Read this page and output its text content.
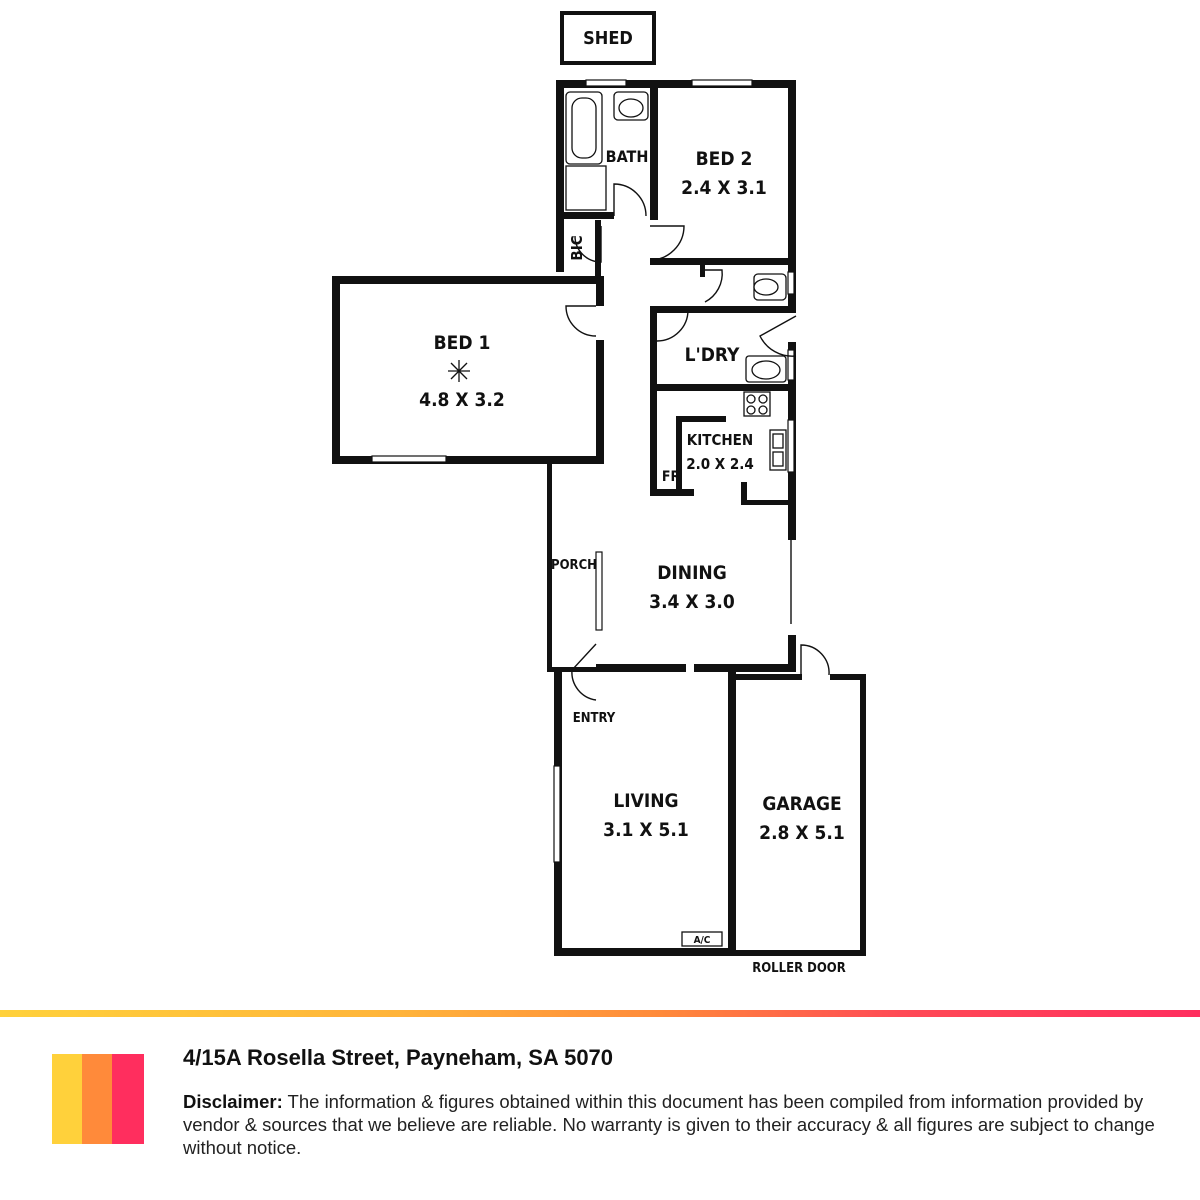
SHED
BATH BED 2
2.4 X 3.1
BIC
BED 1
4.8 X 3.2
L'DRY
KITCHEN
2.0 X 2.4
FR
PORCH	DINING
3.4 X 3.0
ENTRY
LIVING
3.1 X 5.1
GARAGE
2.8 X 5.1
A/C
ROLLER DOOR
4/15A Rosella Street, Payneham, SA 5070
Disclaimer: The information & figures obtained within this document has been compiled from information provided by vendor & sources that we believe are reliable. No warranty is given to their accuracy & all figures are subject to change without notice.
